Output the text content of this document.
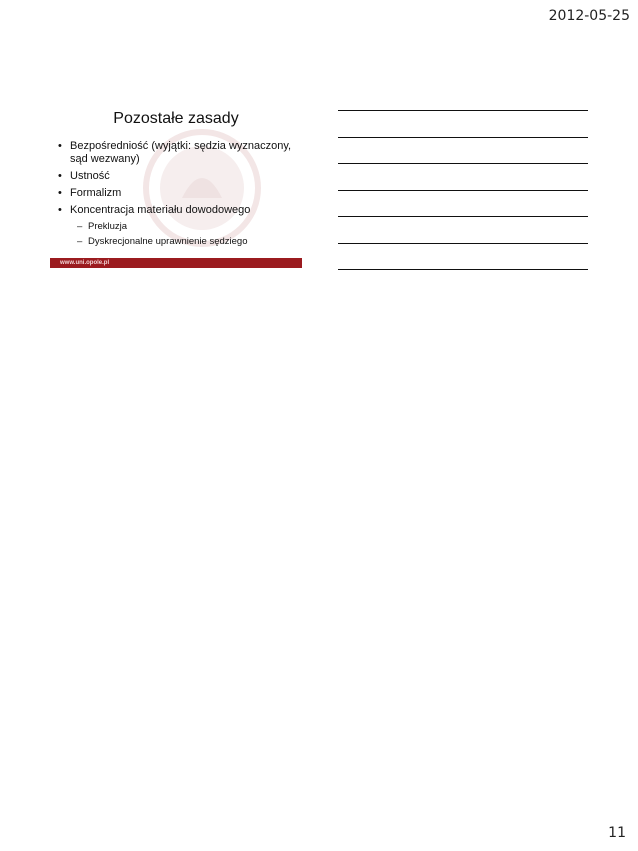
2012-05-25
Pozostałe zasady
• Bezpośredniość (wyjątki: sędzia wyznaczony, sąd wezwany)
• Ustność
• Formalizm
• Koncentracja materiału dowodowego
– Prekluzja
– Dyskrecjonalne uprawnienie sędziego
www.uni.opole.pl
11
